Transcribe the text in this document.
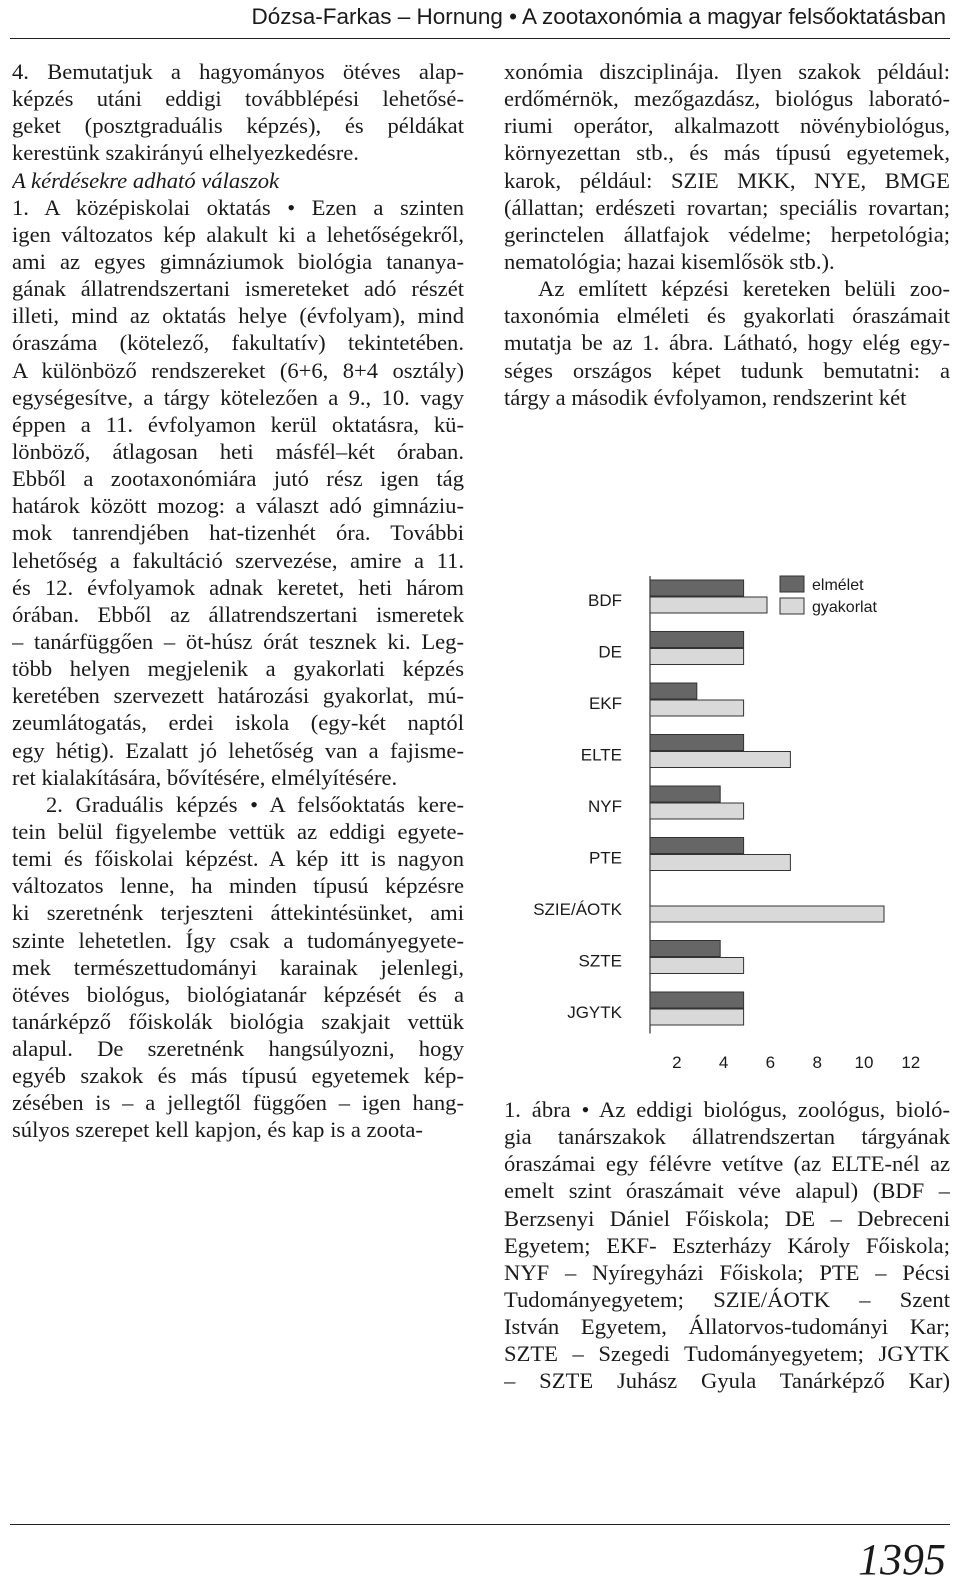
Dózsa-Farkas – Hornung • A zootaxonómia a magyar felsőoktatásban
4. Bemutatjuk a hagyományos ötéves alap-
képzés utáni eddigi továbblépési lehetősé-
geket (posztgraduális képzés), és példákat
kerestünk szakirányú elhelyezkedésre.
A kérdésekre adható válaszok
1. A középiskolai oktatás • Ezen a szinten
igen változatos kép alakult ki a lehetőségekről,
ami az egyes gimnáziumok biológia tananya-
gának állatrendszertani ismereteket adó részét
illeti, mind az oktatás helye (évfolyam), mind
óraszáma (kötelező, fakultatív) tekintetében.
A különböző rendszereket (6+6, 8+4 osztály)
egységesítve, a tárgy kötelezően a 9., 10. vagy
éppen a 11. évfolyamon kerül oktatásra, kü-
lönböző, átlagosan heti másfél–két óraban.
Ebből a zootaxonómiára jutó rész igen tág
határok között mozog: a választ adó gimnáziu-
mok tanrendjében hat-tizenhét óra. További
lehetőség a fakultáció szervezése, amire a 11.
és 12. évfolyamok adnak keretet, heti három
órában. Ebből az állatrendszertani ismeretek
– tanárfüggően – öt-húsz órát tesznek ki. Leg-
több helyen megjelenik a gyakorlati képzés
keretében szervezett határozási gyakorlat, mú-
zeumlátogatás, erdei iskola (egy-két naptól
egy hétig). Ezalatt jó lehetőség van a fajisme-
ret kialakítására, bővítésére, elmélyítésére.
2. Graduális képzés • A felsőoktatás kere-
tein belül figyelembe vettük az eddigi egyete-
temi és főiskolai képzést. A kép itt is nagyon
változatos lenne, ha minden típusú képzésre
ki szeretnénk terjeszteni áttekintésünket, ami
szinte lehetetlen. Így csak a tudományegyete-
mek természettudományi karainak jelenlegi,
ötéves biológus, biológiatanár képzését és a
tanárképző főiskolák biológia szakjait vettük
alapul. De szeretnénk hangsúlyozni, hogy
egyéb szakok és más típusú egyetemek kép-
zésében is – a jellegtől függően – igen hang-
súlyos szerepet kell kapjon, és kap is a zoota-
xonómia diszciplinája. Ilyen szakok például:
erdőmérnök, mezőgazdász, biológus laborató-
riumi operátor, alkalmazott növénybiológus,
környezettan stb., és más típusú egyetemek,
karok, például: SZIE MKK, NYE, BMGE
(állattan; erdészeti rovartan; speciális rovartan;
gerinctelen állatfajok védelme; herpetológia;
nematológia; hazai kisemlősök stb.).
Az említett képzési kereteken belüli zoo-
taxonómia elméleti és gyakorlati óraszámait
mutatja be az 1. ábra. Látható, hogy elég egy-
séges országos képet tudunk bemutatni: a
tárgy a második évfolyamon, rendszerint két
BDF
DE
EKF
ELTE
NYF
PTE
SZIE/ÁOTK
SZTE
JGYTK
2 4 6 8 10 12
elmélet
gyakorlat
1. ábra • Az eddigi biológus, zoológus, bioló-
gia tanárszakok állatrendszertan tárgyának
óraszámai egy félévre vetítve (az ELTE-nél az
emelt szint óraszámait véve alapul) (BDF –
Berzsenyi Dániel Főiskola; DE – Debreceni
Egyetem; EKF- Eszterházy Károly Főiskola;
NYF – Nyíregyházi Főiskola; PTE – Pécsi
Tudományegyetem; SZIE/ÁOTK – Szent
István Egyetem, Állatorvos-tudományi Kar;
SZTE – Szegedi Tudományegyetem; JGYTK
– SZTE Juhász Gyula Tanárképző Kar)
1395
